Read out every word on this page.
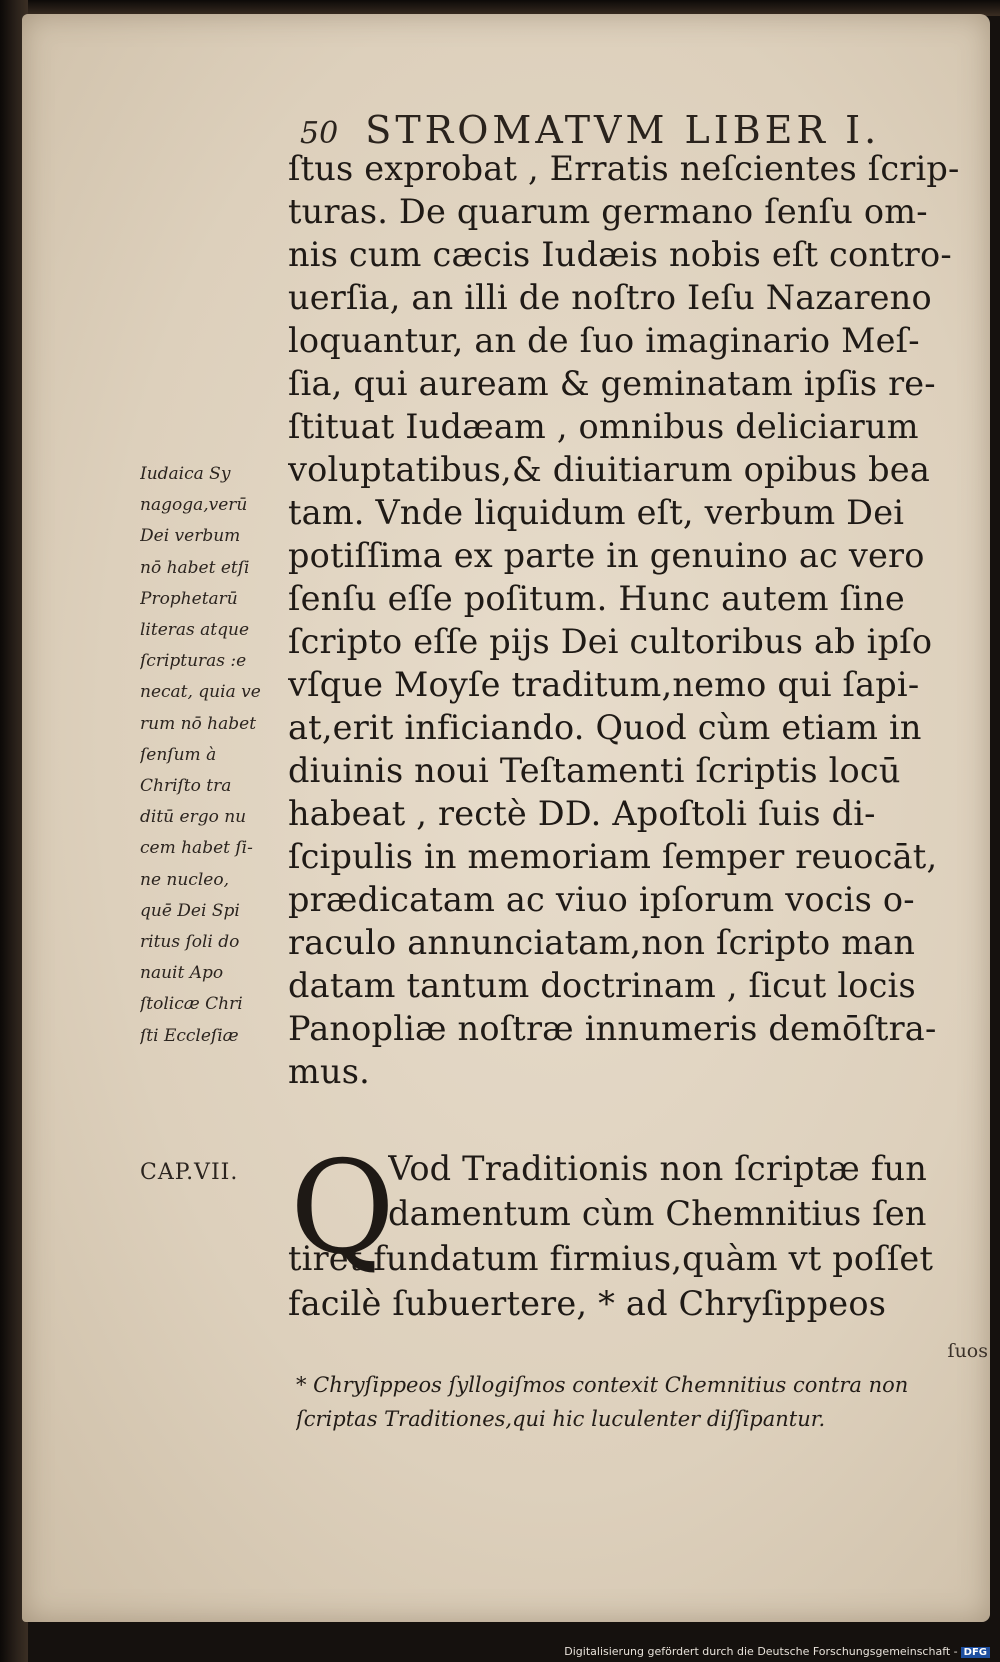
50 STROMATVM LIBER I.
ſtus exprobat , Erratis neſcientes ſcrip-
turas. De quarum germano ſenſu om-
nis cum cæcis Iudæis nobis eſt contro-
uerſia, an illi de noſtro Ieſu Nazareno
loquantur, an de ſuo imaginario Meſ-
ſia, qui auream & geminatam ipſis re-
ſtituat Iudæam , omnibus deliciarum
voluptatibus,& diuitiarum opibus bea
tam. Vnde liquidum eſt, verbum Dei
potiſſima ex parte in genuino ac vero
ſenſu eſſe poſitum. Hunc autem ſine
ſcripto eſſe pijs Dei cultoribus ab ipſo
vſque Moyſe traditum,nemo qui ſapi-
at,erit inficiando. Quod cùm etiam in
diuinis noui Teſtamenti ſcriptis locū
habeat , rectè DD. Apoſtoli ſuis di-
ſcipulis in memoriam ſemper reuocāt,
prædicatam ac viuo ipſorum vocis o-
raculo annunciatam,non ſcripto man
datam tantum doctrinam , ſicut locis
Panopliæ noſtræ innumeris demōſtra-
mus.
Iudaica Sy
nagoga,verū
Dei verbum
nō habet etſi
Prophetarū
literas atque
ſcripturas :e
necat, quia ve
rum nō habet
ſenſum à
Chriſto tra
ditū ergo nu
cem habet ſi-
ne nucleo,
quē Dei Spi
ritus ſoli do
nauit Apo
ſtolicæ Chri
ſti Eccleſiæ
CAP.VII. Q
Vod Traditionis non ſcriptæ fun
damentum cùm Chemnitius ſen
tiret fundatum firmius,quàm vt poſſet
facilè ſubuertere, * ad Chryſippeos
ſuos
* Chryſippeos ſyllogiſmos contexit Chemnitius contra non
ſcriptas Traditiones,qui hic luculenter diſſipantur.
Digitalisierung gefördert durch die Deutsche Forschungsgemeinschaft - DFG
